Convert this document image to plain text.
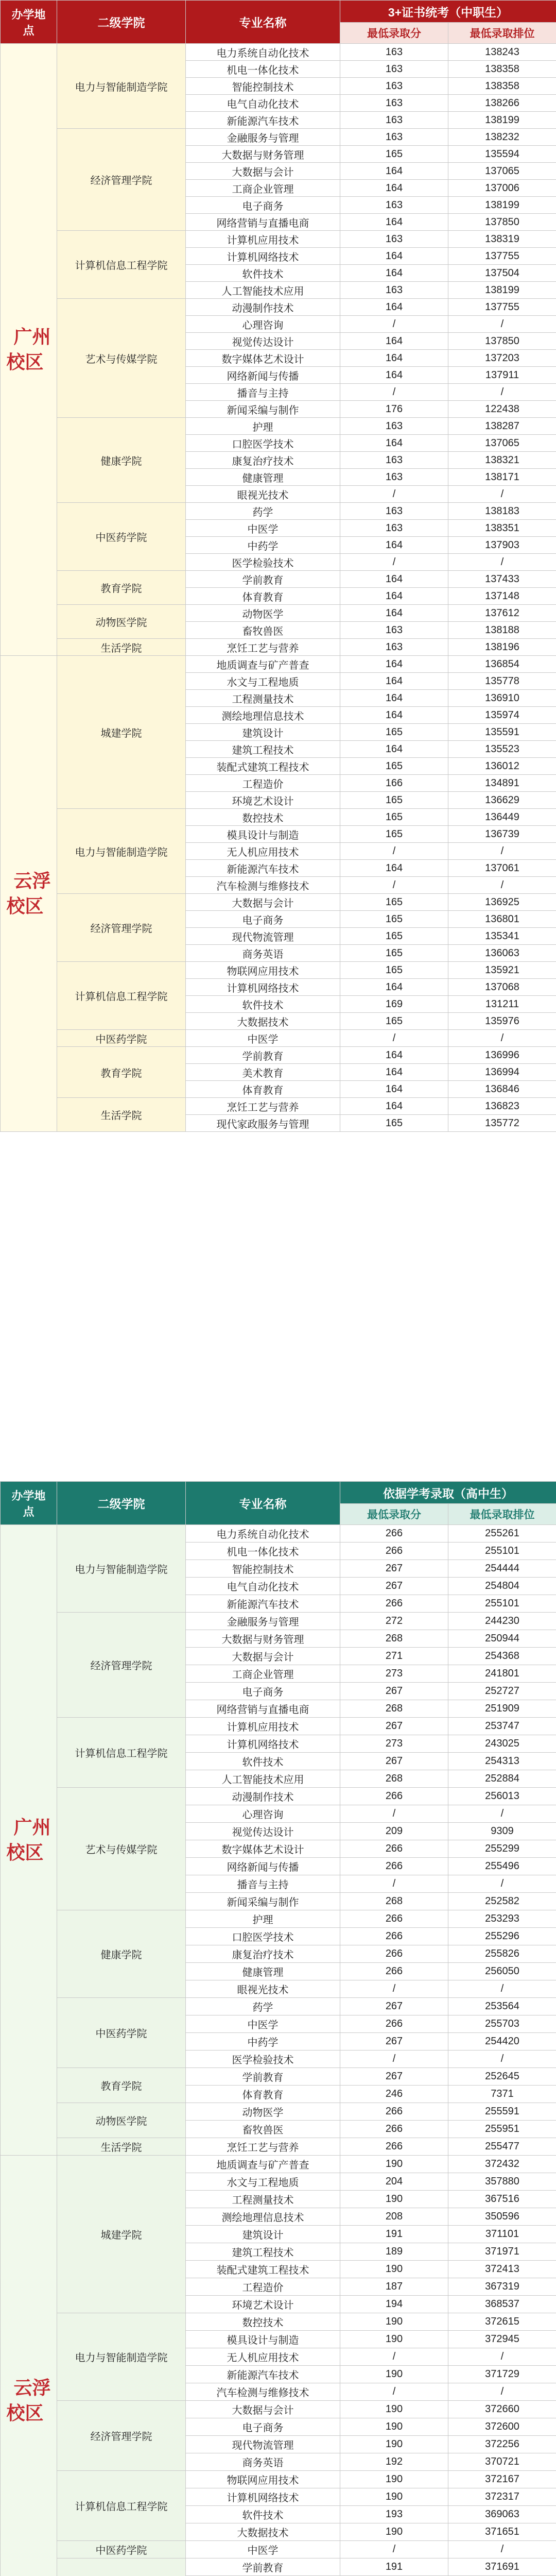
办学地点	二级学院	专业名称	3+证书统考（中职生）	
			最低录取分	最低录取排位
广州校区	电力与智能制造学院	电力系统自动化技术	163	138243
		机电一体化技术	163	138358
		智能控制技术	163	138358
		电气自动化技术	163	138266
		新能源汽车技术	163	138199
	经济管理学院	金融服务与管理	163	138232
		大数据与财务管理	165	135594
		大数据与会计	164	137065
		工商企业管理	164	137006
		电子商务	163	138199
		网络营销与直播电商	164	137850
	计算机信息工程学院	计算机应用技术	163	138319
		计算机网络技术	164	137755
		软件技术	164	137504
		人工智能技术应用	163	138199
	艺术与传媒学院	动漫制作技术	164	137755
		心理咨询	/	/
		视觉传达设计	164	137850
		数字媒体艺术设计	164	137203
		网络新闻与传播	164	137911
		播音与主持	/	/
		新闻采编与制作	176	122438
	健康学院	护理	163	138287
		口腔医学技术	164	137065
		康复治疗技术	163	138321
		健康管理	163	138171
		眼视光技术	/	/
	中医药学院	药学	163	138183
		中医学	163	138351
		中药学	164	137903
		医学检验技术	/	/
	教育学院	学前教育	164	137433
		体育教育	164	137148
	动物医学院	动物医学	164	137612
		畜牧兽医	163	138188
	生活学院	烹饪工艺与营养	163	138196
云浮校区	城建学院	地质调查与矿产普查	164	136854
		水文与工程地质	164	135778
		工程测量技术	164	136910
		测绘地理信息技术	164	135974
		建筑设计	165	135591
		建筑工程技术	164	135523
		装配式建筑工程技术	165	136012
		工程造价	166	134891
		环境艺术设计	165	136629
	电力与智能制造学院	数控技术	165	136449
		模具设计与制造	165	136739
		无人机应用技术	/	/
		新能源汽车技术	164	137061
		汽车检测与维修技术	/	/
	经济管理学院	大数据与会计	165	136925
		电子商务	165	136801
		现代物流管理	165	135341
		商务英语	165	136063
	计算机信息工程学院	物联网应用技术	165	135921
		计算机网络技术	164	137068
		软件技术	169	131211
		大数据技术	165	135976
	中医药学院	中医学	/	/
	教育学院	学前教育	164	136996
		美术教育	164	136994
		体育教育	164	136846
	生活学院	烹饪工艺与营养	164	136823
		现代家政服务与管理	165	135772
办学地点	二级学院	专业名称	依据学考录取（高中生）	
			最低录取分	最低录取排位
广州校区	电力与智能制造学院	电力系统自动化技术	266	255261
		机电一体化技术	266	255101
		智能控制技术	267	254444
		电气自动化技术	267	254804
		新能源汽车技术	266	255101
	经济管理学院	金融服务与管理	272	244230
		大数据与财务管理	268	250944
		大数据与会计	271	254368
		工商企业管理	273	241801
		电子商务	267	252727
		网络营销与直播电商	268	251909
	计算机信息工程学院	计算机应用技术	267	253747
		计算机网络技术	273	243025
		软件技术	267	254313
		人工智能技术应用	268	252884
	艺术与传媒学院	动漫制作技术	266	256013
		心理咨询	/	/
		视觉传达设计	209	9309
		数字媒体艺术设计	266	255299
		网络新闻与传播	266	255496
		播音与主持	/	/
		新闻采编与制作	268	252582
	健康学院	护理	266	253293
		口腔医学技术	266	255296
		康复治疗技术	266	255826
		健康管理	266	256050
		眼视光技术	/	/
	中医药学院	药学	267	253564
		中医学	266	255703
		中药学	267	254420
		医学检验技术	/	/
	教育学院	学前教育	267	252645
		体育教育	246	7371
	动物医学院	动物医学	266	255591
		畜牧兽医	266	255951
	生活学院	烹饪工艺与营养	266	255477
云浮校区	城建学院	地质调查与矿产普查	190	372432
		水文与工程地质	204	357880
		工程测量技术	190	367516
		测绘地理信息技术	208	350596
		建筑设计	191	371101
		建筑工程技术	189	371971
		装配式建筑工程技术	190	372413
		工程造价	187	367319
		环境艺术设计	194	368537
	电力与智能制造学院	数控技术	190	372615
		模具设计与制造	190	372945
		无人机应用技术	/	/
		新能源汽车技术	190	371729
		汽车检测与维修技术	/	/
	经济管理学院	大数据与会计	190	372660
		电子商务	190	372600
		现代物流管理	190	372256
		商务英语	192	370721
	计算机信息工程学院	物联网应用技术	190	372167
		计算机网络技术	190	372317
		软件技术	193	369063
		大数据技术	190	371651
	中医药学院	中医学	/	/
	学前教育	191	371691
